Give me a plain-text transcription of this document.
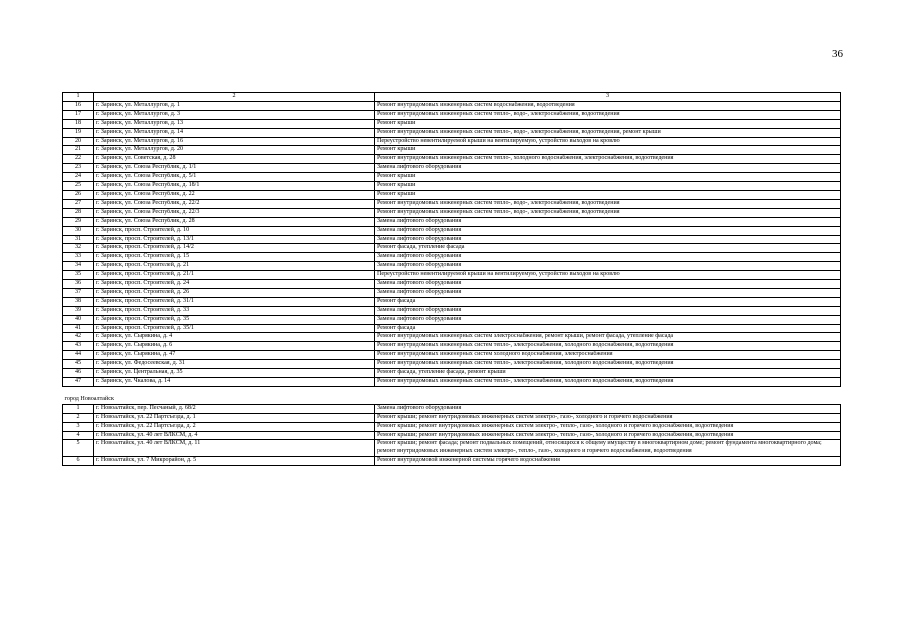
36
1	2	3
16	г. Заринск, ул. Металлургов, д. 1	Ремонт внутридомовых инженерных систем водоснабжения, водоотведения
17	г. Заринск, ул. Металлургов, д. 3	Ремонт внутридомовых инженерных систем тепло-, водо-, электроснабжения, водоотведения
18	г. Заринск, ул. Металлургов, д. 13	Ремонт крыши
19	г. Заринск, ул. Металлургов, д. 14	Ремонт внутридомовых инженерных систем тепло-, водо-, электроснабжения, водоотведения, ремонт крыши
20	г. Заринск, ул. Металлургов, д. 16	Переустройство невентилируемой крыши на вентилируемую, устройство выходов на кровлю
21	г. Заринск, ул. Металлургов, д. 20	Ремонт крыши
22	г. Заринск, ул. Советская, д. 28	Ремонт внутридомовых инженерных систем тепло-, холодного водоснабжения, электроснабжения, водоотведения
23	г. Заринск, ул. Союза Республик, д. 1/1	Замена лифтового оборудования
24	г. Заринск, ул. Союза Республик, д. 5/1	Ремонт крыши
25	г. Заринск, ул. Союза Республик, д. 18/1	Ремонт крыши
26	г. Заринск, ул. Союза Республик, д. 22	Ремонт крыши
27	г. Заринск, ул. Союза Республик, д. 22/2	Ремонт внутридомовых инженерных систем тепло-, водо-, электроснабжения, водоотведения
28	г. Заринск, ул. Союза Республик, д. 22/3	Ремонт внутридомовых инженерных систем тепло-, водо-, электроснабжения, водоотведения
29	г. Заринск, ул. Союза Республик, д. 28	Замена лифтового оборудования
30	г. Заринск, просп. Строителей, д. 10	Замена лифтового оборудования
31	г. Заринск, просп. Строителей, д. 13/1	Замена лифтового оборудования
32	г. Заринск, просп. Строителей, д. 14/2	Ремонт фасада, утепление фасада
33	г. Заринск, просп. Строителей, д. 15	Замена лифтового оборудования
34	г. Заринск, просп. Строителей, д. 21	Замена лифтового оборудования
35	г. Заринск, просп. Строителей, д. 21/1	Переустройство невентилируемой крыши на вентилируемую, устройство выходов на кровлю
36	г. Заринск, просп. Строителей, д. 24	Замена лифтового оборудования
37	г. Заринск, просп. Строителей, д. 26	Замена лифтового оборудования
38	г. Заринск, просп. Строителей, д. 31/1	Ремонт фасада
39	г. Заринск, просп. Строителей, д. 33	Замена лифтового оборудования
40	г. Заринск, просп. Строителей, д. 35	Замена лифтового оборудования
41	г. Заринск, просп. Строителей, д. 35/1	Ремонт фасада
42	г. Заринск, ул. Сырякина, д. 4	Ремонт внутридомовых инженерных систем электроснабжения, ремонт крыши, ремонт фасада, утепление фасада
43	г. Заринск, ул. Сырякина, д. 6	Ремонт внутридомовых инженерных систем тепло-, электроснабжения, холодного водоснабжения, водоотведения
44	г. Заринск, ул. Сырякина, д. 47	Ремонт внутридомовых инженерных систем холодного водоснабжения, электроснабжения
45	г. Заринск, ул. Федосеевская, д. 31	Ремонт внутридомовых инженерных систем тепло-, электроснабжения, холодного водоснабжения, водоотведения
46	г. Заринск, ул. Центральная, д. 35	Ремонт фасада, утепление фасада, ремонт крыши
47	г. Заринск, ул. Чкалова, д. 14	Ремонт внутридомовых инженерных систем тепло-, электроснабжения, холодного водоснабжения, водоотведения
город Новоалтайск		
1	г. Новоалтайск, пер. Песчаный, д. 68/2	Замена лифтового оборудования
2	г. Новоалтайск, ул. 22 Партсъезда, д. 1	Ремонт крыши; ремонт внутридомовых инженерных систем электро-, газо-, холодного и горячего водоснабжения
3	г. Новоалтайск, ул. 22 Партсъезда, д. 2	Ремонт крыши; ремонт внутридомовых инженерных систем электро-, тепло-, газо-, холодного и горячего водоснабжения, водоотведения
4	г. Новоалтайск, ул. 40 лет ВЛКСМ, д. 4	Ремонт крыши; ремонт внутридомовых инженерных систем электро-, тепло-, газо-, холодного и горячего водоснабжения, водоотведения
5	г. Новоалтайск, ул. 40 лет ВЛКСМ, д. 11	Ремонт крыши; ремонт фасада; ремонт подвальных помещений, относящихся к общему имуществу в многоквартирном доме; ремонт фундамента многоквартирного дома; ремонт внутридомовых инженерных систем электро-, тепло-, газо-, холодного и горячего водоснабжения, водоотведения
6	г. Новоалтайск, ул. 7 Микрорайон, д. 5	Ремонт внутридомовой инженерной системы горячего водоснабжения
